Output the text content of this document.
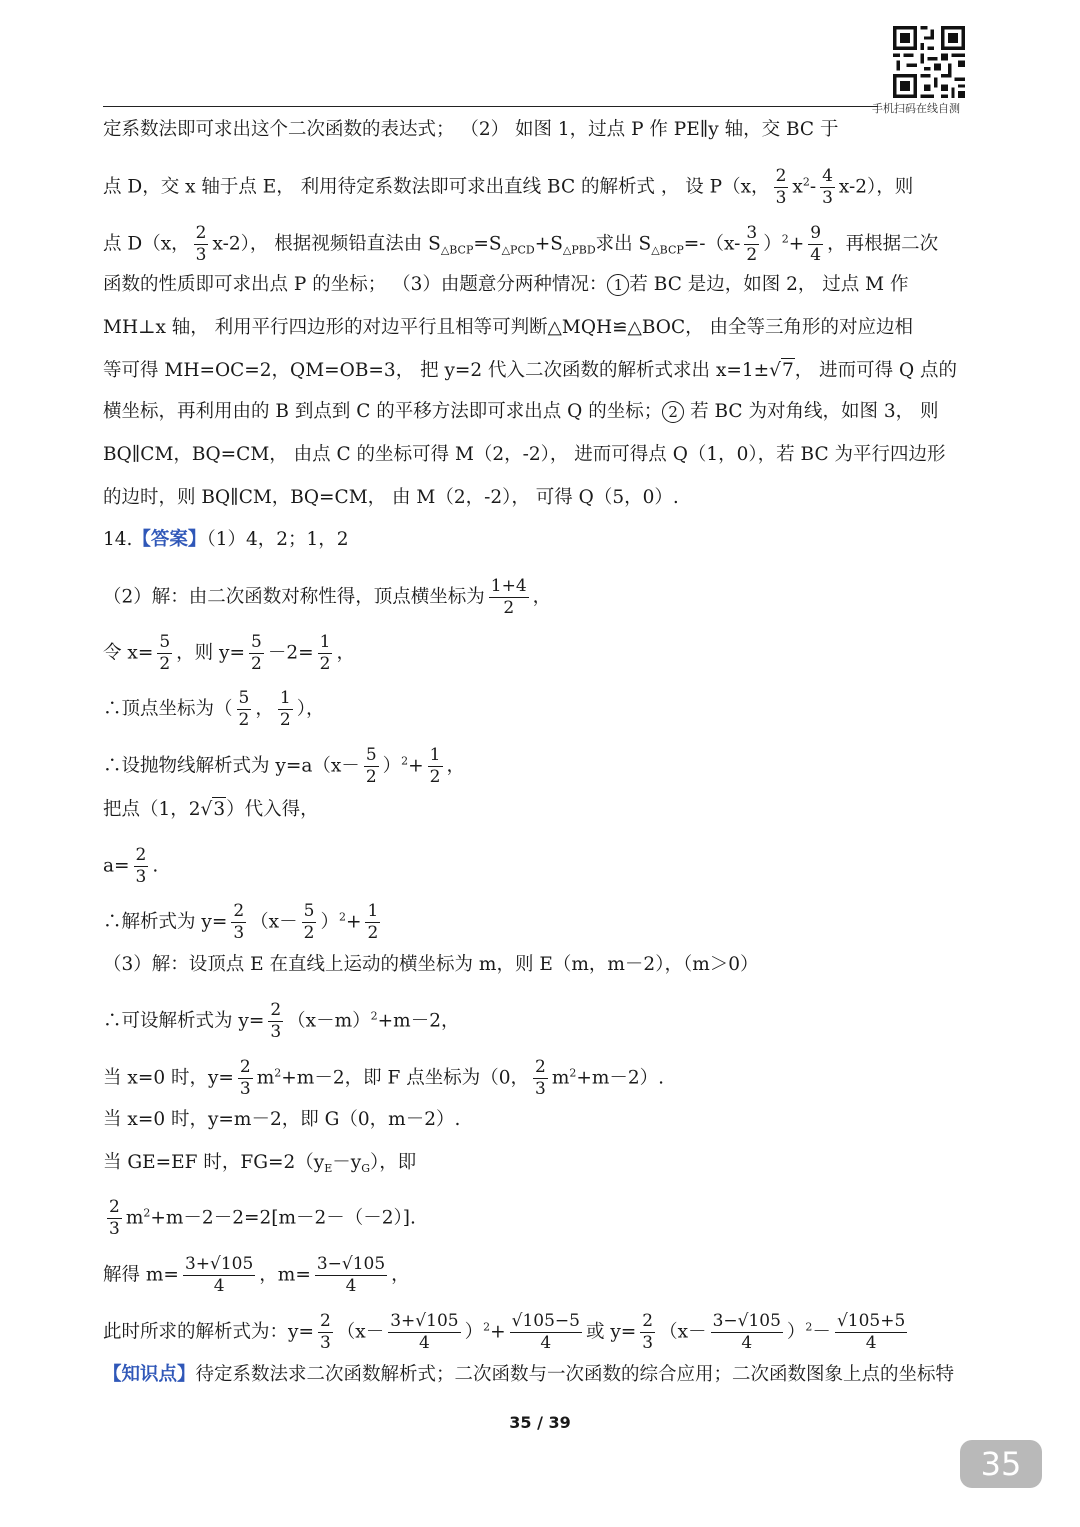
手机扫码在线自测
定系数法即可求出这个二次函数的表达式； （2） 如图 1，过点 P 作 PE∥y 轴，交 BC 于
点 D，交 x 轴于点 E， 利用待定系数法即可求出直线 BC 的解析式 ， 设 P（x， $\frac{2}{3} x^2- \frac{4}{3} x-2$），则
点 D（x， $\frac{2}{3} x-2$）， 根据视频铅直法由 $S_{\triangle BCP}=S_{\triangle PCD}+S_{\triangle PBD}$求出 $S_{\triangle BCP}=-(x- \frac{3}{2} )^2+ \frac{9}{4}$ ，再根据二次
函数的性质即可求出点 P 的坐标； （3）由题意分两种情况： 1 若 BC 是边，如图 2， 过点 M 作
MH⊥x 轴， 利用平行四边形的对边平行且相等可判断△MQH≌△BOC， 由全等三角形的对应边相
等可得 MH=OC=2，QM=OB=3， 把 y=2 代入二次函数的解析式求出 x=1±√7， 进而可得 Q 点的
横坐标，再利用由的 B 到点到 C 的平移方法即可求出点 Q 的坐标； 2 若 BC 为对角线，如图 3， 则
BQ∥CM，BQ=CM， 由点 C 的坐标可得 M（2，-2）， 进而可得点 Q（1，0），若 BC 为平行四边形
的边时，则 BQ∥CM，BQ=CM， 由 M（2，-2）， 可得 Q（5，0）.
14.【答案】（1）4，2；1，2
（2）解：由二次函数对称性得，顶点横坐标为 $\frac{1+4}{2}$ ，
令 $x= \frac{5}{2}$ ，则 $y= \frac{5}{2} -2= \frac{1}{2}$ ，
∴顶点坐标为（ $\frac{5}{2}$ ， $\frac{1}{2}$ ），
∴设抛物线解析式为 $y=a(x- \frac{5}{2} )^2+ \frac{1}{2}$ ，
把点（1，2√3）代入得，
$a= \frac{2}{3}$ .
∴解析式为 $y= \frac{2}{3} (x- \frac{5}{2} )^2+ \frac{1}{2}$
（3）解：设顶点 E 在直线上运动的横坐标为 m，则 E（m，m－2），（m＞0）
∴可设解析式为 $y= \frac{2}{3} (x-m)^2+m-2$，
当 x=0 时，$y= \frac{2}{3} m^2+m-2$，即 F 点坐标为（0， $\frac{2}{3} m^2+m-2$）.
当 x=0 时，y=m－2，即 G（0，m－2）.
当 GE=EF 时，$FG=2(y_E-y_G)$，即
$\frac{2}{3} m^2+m-2-2=2[m-2-(-2)]$.
解得 $m= \frac{3+√105}{4}$ ，$m= \frac{3-√105}{4}$ ，
此时所求的解析式为：$y= \frac{2}{3} (x- \frac{3+√105}{4} )^2+ \frac{√105-5}{4}$ 或 $y= \frac{2}{3} (x- \frac{3-√105}{4} )^2- \frac{√105+5}{4}$
【知识点】待定系数法求二次函数解析式；二次函数与一次函数的综合应用；二次函数图象上点的坐标特
35 / 39
35
